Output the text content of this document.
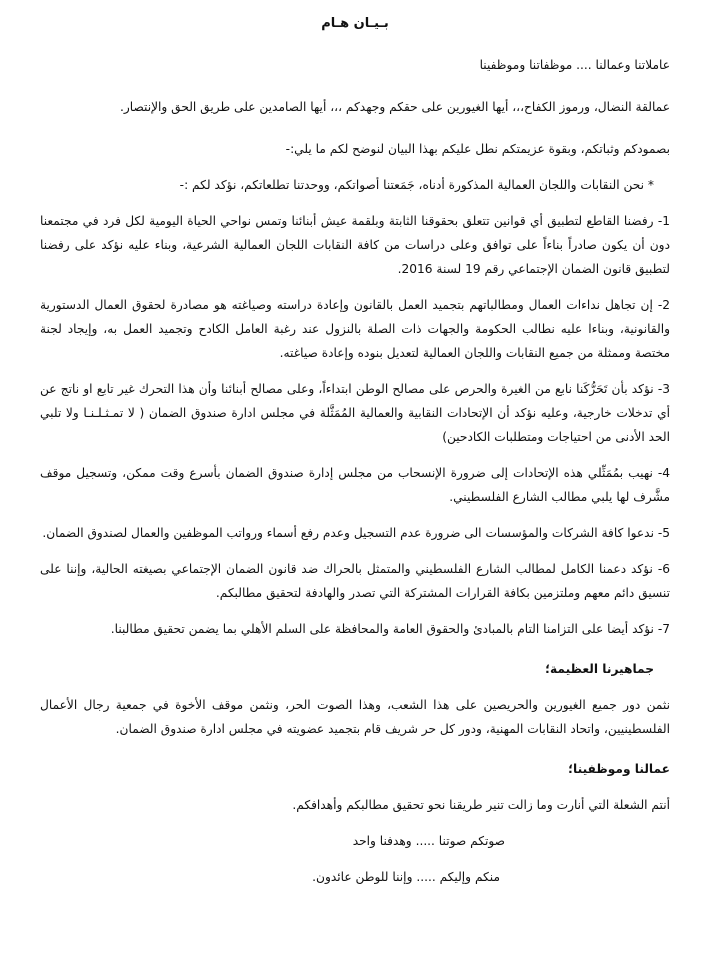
بـيـان هـام

عاملاتنا وعمالنا .... موظفاتنا وموظفينا

عمالقة النضال، ورموز الكفاح،،، أيها الغيورين على حقكم وجهدكم ،،، أيها الصامدين على طريق الحق والإنتصار.

بصمودكم وثباتكم، وبقوة عزيمتكم نطل عليكم بهذا البيان لنوضح لكم ما يلي:-

* نحن النقابات واللجان العمالية المذكورة أدناه، جَمَعتنا أصواتكم، ووحدتنا تطلعاتكم، نؤكد لكم :-

1- رفضنا القاطع لتطبيق أي قوانين تتعلق بحقوقنا الثابتة وبلقمة عيش أبنائنا وتمس نواحي الحياة اليومية لكل فرد في مجتمعنا دون أن يكون صادراً بناءاً على توافق وعلى دراسات من كافة النقابات اللجان العمالية الشرعية، وبناء عليه نؤكد على رفضنا لتطبيق قانون الضمان الإجتماعي رقم 19 لسنة 2016.

2- إن تجاهل نداءات العمال ومطالباتهم بتجميد العمل بالقانون وإعادة دراسته وصياغته هو مصادرة لحقوق العمال الدستورية والقانونية، وبناءا عليه نطالب الحكومة والجهات ذات الصلة بالنزول عند رغبة العامل الكادح وتجميد العمل به، وإيجاد لجنة مختصة وممثلة من جميع النقابات واللجان العمالية لتعديل بنوده وإعادة صياغته.

3- نؤكد بأن تَحَرُّكَنا نابع من الغيرة والحرص على مصالح الوطن ابتداءاً، وعلى مصالح أبنائنا وأن هذا التحرك غير تابع او ناتج عن أي تدخلات خارجية، وعليه نؤكد أن الإتحادات النقابية والعمالية المُمَثَّلة في مجلس ادارة صندوق الضمان ( لا تمـثـلـنـا ولا تلبي الحد الأدنى من احتياجات ومتطلبات الكادحين)

4- نهيب بمُمَثِّلي هذه الإتحادات إلى ضرورة الإنسحاب من مجلس إدارة صندوق الضمان بأسرع وقت ممكن، وتسجيل موقف مشَّرف لها يلبي مطالب الشارع الفلسطيني.

5- ندعوا كافة الشركات والمؤسسات الى ضرورة عدم التسجيل وعدم رفع أسماء ورواتب الموظفين والعمال لصندوق الضمان.

6- نؤكد دعمنا الكامل لمطالب الشارع الفلسطيني والمتمثل بالحراك ضد قانون الضمان الإجتماعي بصيغته الحالية، وإننا على تنسيق دائم معهم وملتزمين بكافة القرارات المشتركة التي تصدر والهادفة لتحقيق مطالبكم.

7- نؤكد أيضا على التزامنا التام بالمبادئ والحقوق العامة والمحافظة على السلم الأهلي بما يضمن تحقيق مطالبنا.

جماهيرنا العظيمة؛

نثمن دور جميع الغيورين والحريصين على هذا الشعب، وهذا الصوت الحر، ونثمن موقف الأخوة في جمعية رجال الأعمال الفلسطينيين، واتحاد النقابات المهنية، ودور كل حر شريف قام بتجميد عضويته في مجلس ادارة صندوق الضمان.

عمالنا وموظفينا؛

أنتم الشعلة التي أنارت وما زالت تنير طريقنا نحو تحقيق مطالبكم وأهدافكم.

صوتكم صوتنا ..... وهدفنا واحد

منكم وإليكم ..... وإننا للوطن عائدون.
